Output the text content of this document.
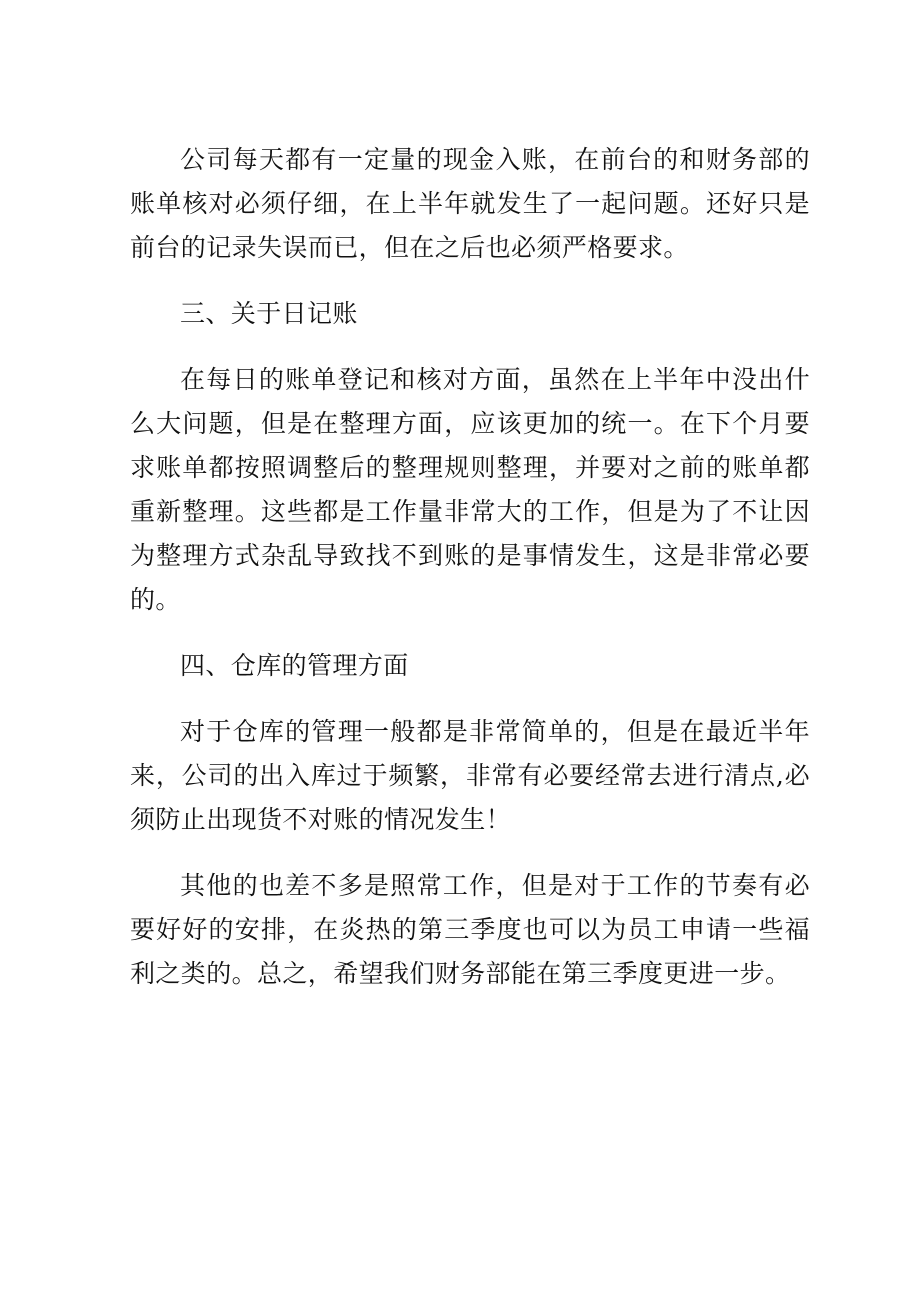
公司每天都有一定量的现金入账，在前台的和财务部的账单核对必须仔细，在上半年就发生了一起问题。还好只是前台的记录失误而已，但在之后也必须严格要求。

三、关于日记账

在每日的账单登记和核对方面，虽然在上半年中没出什么大问题，但是在整理方面，应该更加的统一。在下个月要求账单都按照调整后的整理规则整理，并要对之前的账单都重新整理。这些都是工作量非常大的工作，但是为了不让因为整理方式杂乱导致找不到账的是事情发生，这是非常必要的。

四、仓库的管理方面

对于仓库的管理一般都是非常简单的，但是在最近半年来，公司的出入库过于频繁，非常有必要经常去进行清点,必须防止出现货不对账的情况发生！

其他的也差不多是照常工作，但是对于工作的节奏有必要好好的安排，在炎热的第三季度也可以为员工申请一些福利之类的。总之，希望我们财务部能在第三季度更进一步。
